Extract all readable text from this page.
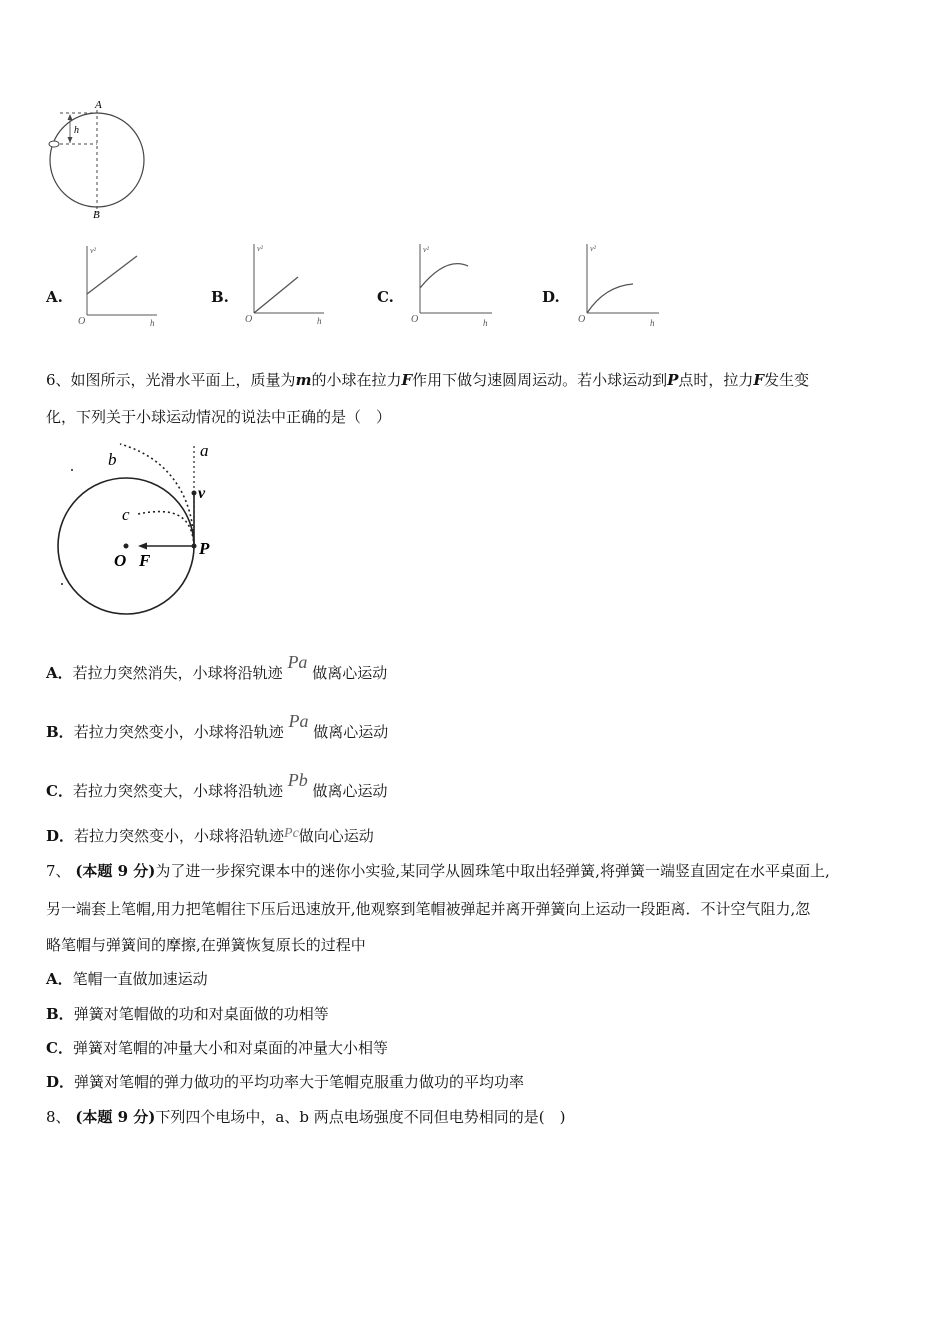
A
h
B
A.
v²
O	h
B.
v²
O	h
C.
v²
O	h
D.
v²
O	h
6、如图所示，光滑水平面上，质量为m的小球在拉力F作用下做匀速圆周运动。若小球运动到P点时，拉力F发生变
化，下列关于小球运动情况的说法中正确的是（　）
a
b
v
c
P
O F
A．若拉力突然消失，小球将沿轨迹 Pa 做离心运动
B．若拉力突然变小，小球将沿轨迹 Pa 做离心运动
C．若拉力突然变大，小球将沿轨迹 Pb 做离心运动
D．若拉力突然变小，小球将沿轨迹Pc做向心运动
7、 (本题 9 分)为了进一步探究课本中的迷你小实验,某同学从圆珠笔中取出轻弹簧,将弹簧一端竖直固定在水平桌面上,
另一端套上笔帽,用力把笔帽往下压后迅速放开,他观察到笔帽被弹起并离开弹簧向上运动一段距离．不计空气阻力,忽
略笔帽与弹簧间的摩擦,在弹簧恢复原长的过程中
A．笔帽一直做加速运动
B．弹簧对笔帽做的功和对桌面做的功相等
C．弹簧对笔帽的冲量大小和对桌面的冲量大小相等
D．弹簧对笔帽的弹力做功的平均功率大于笔帽克服重力做功的平均功率
8、 (本题 9 分)下列四个电场中，a、b 两点电场强度不同但电势相同的是(　)
